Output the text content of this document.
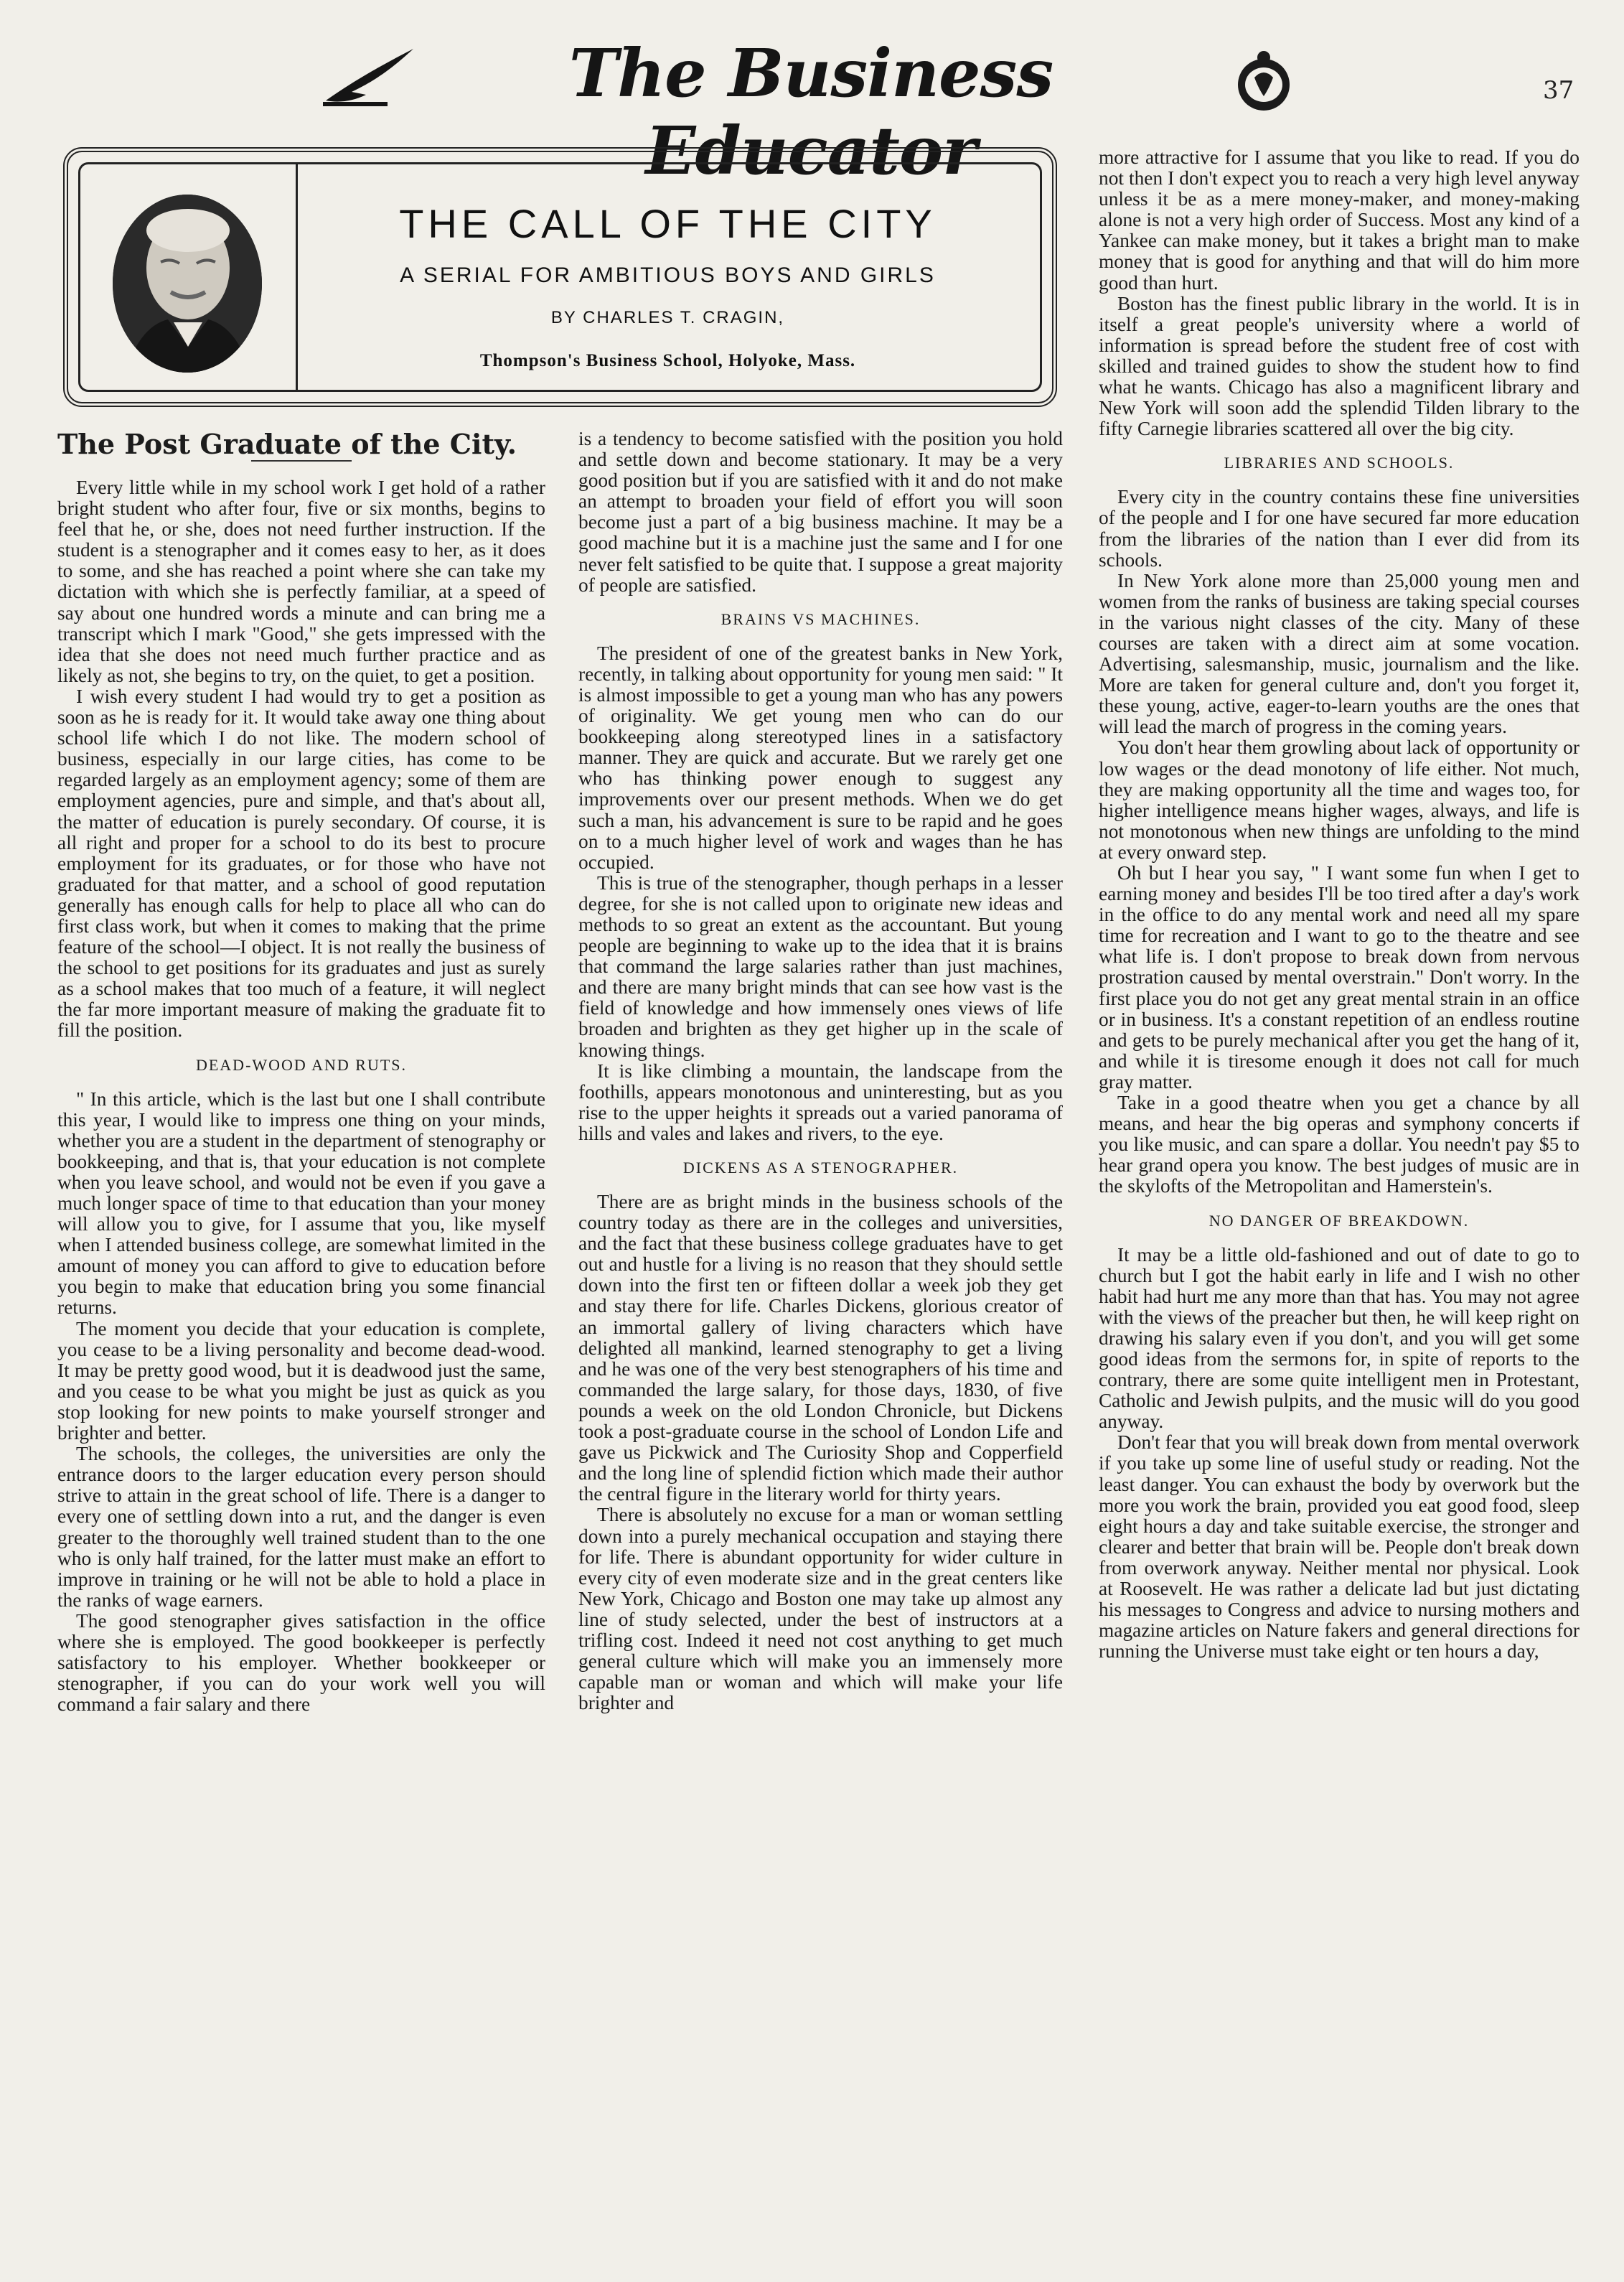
The Business Educator
37
THE CALL OF THE CITY
A SERIAL FOR AMBITIOUS BOYS AND GIRLS
BY CHARLES T. CRAGIN,
Thompson's Business School, Holyoke, Mass.

The Post Graduate of the City.

Every little while in my school work I get hold of a rather bright student who after four, five or six months, begins to feel that he, or she, does not need further instruction. If the student is a stenographer and it comes easy to her, as it does to some, and she has reached a point where she can take my dictation with which she is perfectly familiar, at a speed of say about one hundred words a minute and can bring me a transcript which I mark "Good," she gets impressed with the idea that she does not need much further practice and as likely as not, she begins to try, on the quiet, to get a position.

I wish every student I had would try to get a position as soon as he is ready for it. It would take away one thing about school life which I do not like. The modern school of business, especially in our large cities, has come to be regarded largely as an employment agency; some of them are employment agencies, pure and simple, and that's about all, the matter of education is purely secondary. Of course, it is all right and proper for a school to do its best to procure employment for its graduates, or for those who have not graduated for that matter, and a school of good reputation generally has enough calls for help to place all who can do first class work, but when it comes to making that the prime feature of the school—I object. It is not really the business of the school to get positions for its graduates and just as surely as a school makes that too much of a feature, it will neglect the far more important measure of making the graduate fit to fill the position.

DEAD-WOOD AND RUTS.

" In this article, which is the last but one I shall contribute this year, I would like to impress one thing on your minds, whether you are a student in the department of stenography or bookkeeping, and that is, that your education is not complete when you leave school, and would not be even if you gave a much longer space of time to that education than your money will allow you to give, for I assume that you, like myself when I attended business college, are somewhat limited in the amount of money you can afford to give to education before you begin to make that education bring you some financial returns.

The moment you decide that your education is complete, you cease to be a living personality and become dead-wood. It may be pretty good wood, but it is deadwood just the same, and you cease to be what you might be just as quick as you stop looking for new points to make yourself stronger and brighter and better.

The schools, the colleges, the universities are only the entrance doors to the larger education every person should strive to attain in the great school of life. There is a danger to every one of settling down into a rut, and the danger is even greater to the thoroughly well trained student than to the one who is only half trained, for the latter must make an effort to improve in training or he will not be able to hold a place in the ranks of wage earners.

The good stenographer gives satisfaction in the office where she is employed. The good bookkeeper is perfectly satisfactory to his employer. Whether bookkeeper or stenographer, if you can do your work well you will command a fair salary and there

is a tendency to become satisfied with the position you hold and settle down and become stationary. It may be a very good position but if you are satisfied with it and do not make an attempt to broaden your field of effort you will soon become just a part of a big business machine. It may be a good machine but it is a machine just the same and I for one never felt satisfied to be quite that. I suppose a great majority of people are satisfied.

BRAINS VS MACHINES.

The president of one of the greatest banks in New York, recently, in talking about opportunity for young men said: " It is almost impossible to get a young man who has any powers of originality. We get young men who can do our bookkeeping along stereotyped lines in a satisfactory manner. They are quick and accurate. But we rarely get one who has thinking power enough to suggest any improvements over our present methods. When we do get such a man, his advancement is sure to be rapid and he goes on to a much higher level of work and wages than he has occupied.

This is true of the stenographer, though perhaps in a lesser degree, for she is not called upon to originate new ideas and methods to so great an extent as the accountant. But young people are beginning to wake up to the idea that it is brains that command the large salaries rather than just machines, and there are many bright minds that can see how vast is the field of knowledge and how immensely ones views of life broaden and brighten as they get higher up in the scale of knowing things.

It is like climbing a mountain, the landscape from the foothills, appears monotonous and uninteresting, but as you rise to the upper heights it spreads out a varied panorama of hills and vales and lakes and rivers, to the eye.

DICKENS AS A STENOGRAPHER.

There are as bright minds in the business schools of the country today as there are in the colleges and universities, and the fact that these business college graduates have to get out and hustle for a living is no reason that they should settle down into the first ten or fifteen dollar a week job they get and stay there for life. Charles Dickens, glorious creator of an immortal gallery of living characters which have delighted all mankind, learned stenography to get a living and he was one of the very best stenographers of his time and commanded the large salary, for those days, 1830, of five pounds a week on the old London Chronicle, but Dickens took a post-graduate course in the school of London Life and gave us Pickwick and The Curiosity Shop and Copperfield and the long line of splendid fiction which made their author the central figure in the literary world for thirty years.

There is absolutely no excuse for a man or woman settling down into a purely mechanical occupation and staying there for life. There is abundant opportunity for wider culture in every city of even moderate size and in the great centers like New York, Chicago and Boston one may take up almost any line of study selected, under the best of instructors at a trifling cost. Indeed it need not cost anything to get much general culture which will make you an immensely more capable man or woman and which will make your life brighter and

more attractive for I assume that you like to read. If you do not then I don't expect you to reach a very high level anyway unless it be as a mere money-maker, and money-making alone is not a very high order of Success. Most any kind of a Yankee can make money, but it takes a bright man to make money that is good for anything and that will do him more good than hurt.

Boston has the finest public library in the world. It is in itself a great people's university where a world of information is spread before the student free of cost with skilled and trained guides to show the student how to find what he wants. Chicago has also a magnificent library and New York will soon add the splendid Tilden library to the fifty Carnegie libraries scattered all over the big city.

LIBRARIES AND SCHOOLS.

Every city in the country contains these fine universities of the people and I for one have secured far more education from the libraries of the nation than I ever did from its schools.

In New York alone more than 25,000 young men and women from the ranks of business are taking special courses in the various night classes of the city. Many of these courses are taken with a direct aim at some vocation. Advertising, salesmanship, music, journalism and the like. More are taken for general culture and, don't you forget it, these young, active, eager-to-learn youths are the ones that will lead the march of progress in the coming years.

You don't hear them growling about lack of opportunity or low wages or the dead monotony of life either. Not much, they are making opportunity all the time and wages too, for higher intelligence means higher wages, always, and life is not monotonous when new things are unfolding to the mind at every onward step.

Oh but I hear you say, " I want some fun when I get to earning money and besides I'll be too tired after a day's work in the office to do any mental work and need all my spare time for recreation and I want to go to the theatre and see what life is. I don't propose to break down from nervous prostration caused by mental overstrain." Don't worry. In the first place you do not get any great mental strain in an office or in business. It's a constant repetition of an endless routine and gets to be purely mechanical after you get the hang of it, and while it is tiresome enough it does not call for much gray matter.

Take in a good theatre when you get a chance by all means, and hear the big operas and symphony concerts if you like music, and can spare a dollar. You needn't pay $5 to hear grand opera you know. The best judges of music are in the skylofts of the Metropolitan and Hamerstein's.

NO DANGER OF BREAKDOWN.

It may be a little old-fashioned and out of date to go to church but I got the habit early in life and I wish no other habit had hurt me any more than that has. You may not agree with the views of the preacher but then, he will keep right on drawing his salary even if you don't, and you will get some good ideas from the sermons for, in spite of reports to the contrary, there are some quite intelligent men in Protestant, Catholic and Jewish pulpits, and the music will do you good anyway.

Don't fear that you will break down from mental overwork if you take up some line of useful study or reading. Not the least danger. You can exhaust the body by overwork but the more you work the brain, provided you eat good food, sleep eight hours a day and take suitable exercise, the stronger and clearer and better that brain will be. People don't break down from overwork anyway. Neither mental nor physical. Look at Roosevelt. He was rather a delicate lad but just dictating his messages to Congress and advice to nursing mothers and magazine articles on Nature fakers and general directions for running the Universe must take eight or ten hours a day,
